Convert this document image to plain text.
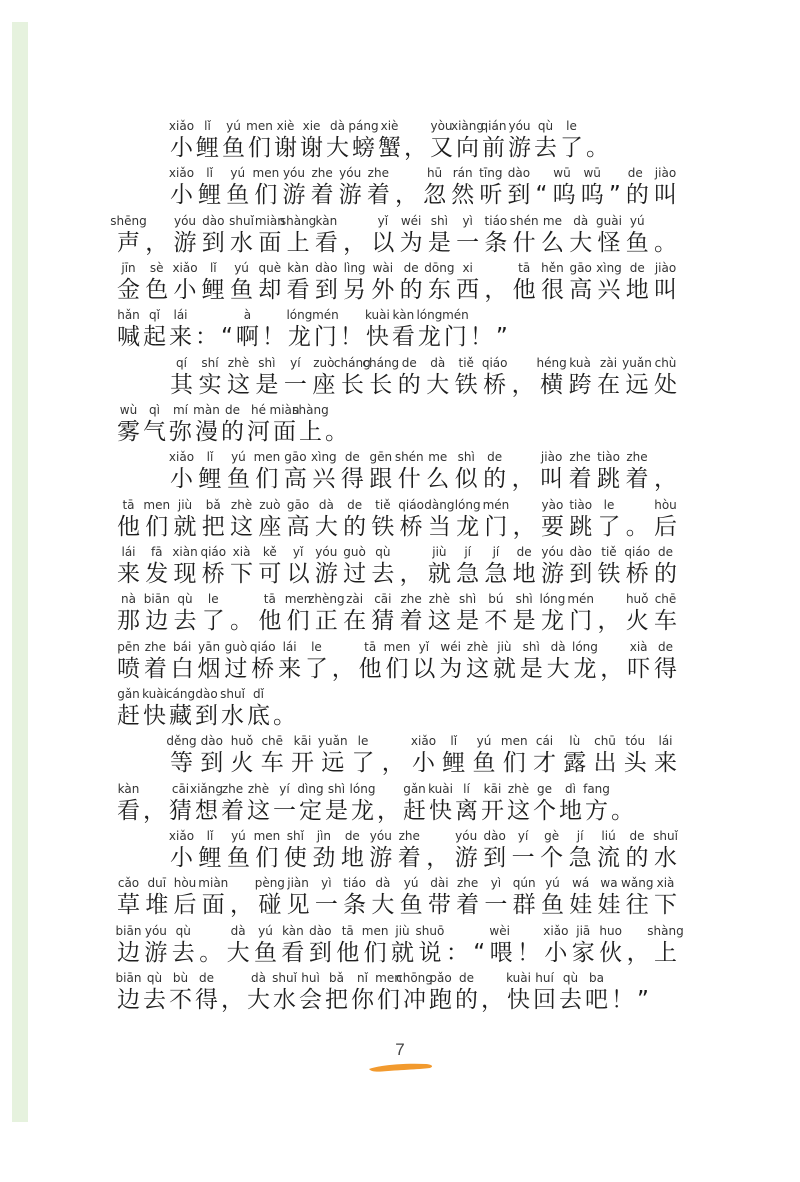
xiǎo lǐ yú men xiè xie dà páng xiè	yòu
xiàng
qián yóu qù le
小鲤鱼们谢谢大螃蟹，又向前游去了。
xiǎo lǐ yú men yóu zhe yóu zhe	hū rán tīng dào wū wū de jiào
小鲤鱼们游着游着，忽然听到“呜呜”的叫
shēng yóu dào shuǐ miàn
shàng kàn	yǐ wéi shì yì tiáo shén me dà guài yú
声，游到水面上看，以为是一条什么大怪鱼。
jīn sè xiǎo lǐ yú què kàn dào lìng wài de dōng xi	tā hěn gāo xìng de jiào
金色小鲤鱼却看到另外的东西，他很高兴地叫
hǎn qǐ lái	à	lóng mén kuài kàn lóng mén
喊起来：“啊！龙门！快看龙门！”
qí shí zhè shì yí zuò cháng
cháng de dà tiě qiáo héng kuà zài yuǎn chù
其实这是一座长长的大铁桥，横跨在远处
wù qì mí màn de hé miàn
shàng
雾气弥漫的河面上。
xiǎo lǐ yú men gāo xìng de gēn shén me shì de	jiào zhe tiào zhe
小鲤鱼们高兴得跟什么似的，叫着跳着，
tā men jiù bǎ zhè zuò gāo dà de tiě qiáo dàng lóng mén	yào tiào le	hòu
他们就把这座高大的铁桥当龙门，要跳了。后
lái fā xiàn qiáo xià kě yǐ yóu guò qù	jiù jí jí de yóu dào tiě qiáo de
来发现桥下可以游过去，就急急地游到铁桥的
nà biān qù le	tā men
zhèng zài cāi zhe zhè shì bú shì lóng mén	huǒ chē
那边去了。他们正在猜着这是不是龙门，火车
pēn zhe bái yān guò qiáo lái le	tā men yǐ wéi zhè jiù shì dà lóng	xià de
喷着白烟过桥来了，他们以为这就是大龙，吓得
gǎn kuài
cáng dào shuǐ dǐ
赶快藏到水底。
děng dào huǒ chē kāi yuǎn le	xiǎo lǐ yú men cái lù chū tóu lái
等到火车开远了，小鲤鱼们才露出头来
kàn	cāi xiǎng
zhe zhè yí dìng shì lóng gǎn kuài lí kāi zhè ge dì fang
看，猜想着这一定是龙，赶快离开这个地方。
xiǎo lǐ yú men shǐ jìn de yóu zhe	yóu dào yí gè jí liú de shuǐ
小鲤鱼们使劲地游着，游到一个急流的水
cǎo duī hòu miàn pèng jiàn yì tiáo dà yú dài zhe yì qún yú wá wa wǎng xià
草堆后面，碰见一条大鱼带着一群鱼娃娃往下
biān yóu qù	dà yú kàn dào tā men jiù shuō	wèi	xiǎo jiā huo shàng
边游去。大鱼看到他们就说：“喂！小家伙，上
biān qù bù de	dà shuǐ huì bǎ nǐ men
chōng
pǎo de	kuài huí qù ba
边去不得，大水会把你们冲跑的，快回去吧！”
7
